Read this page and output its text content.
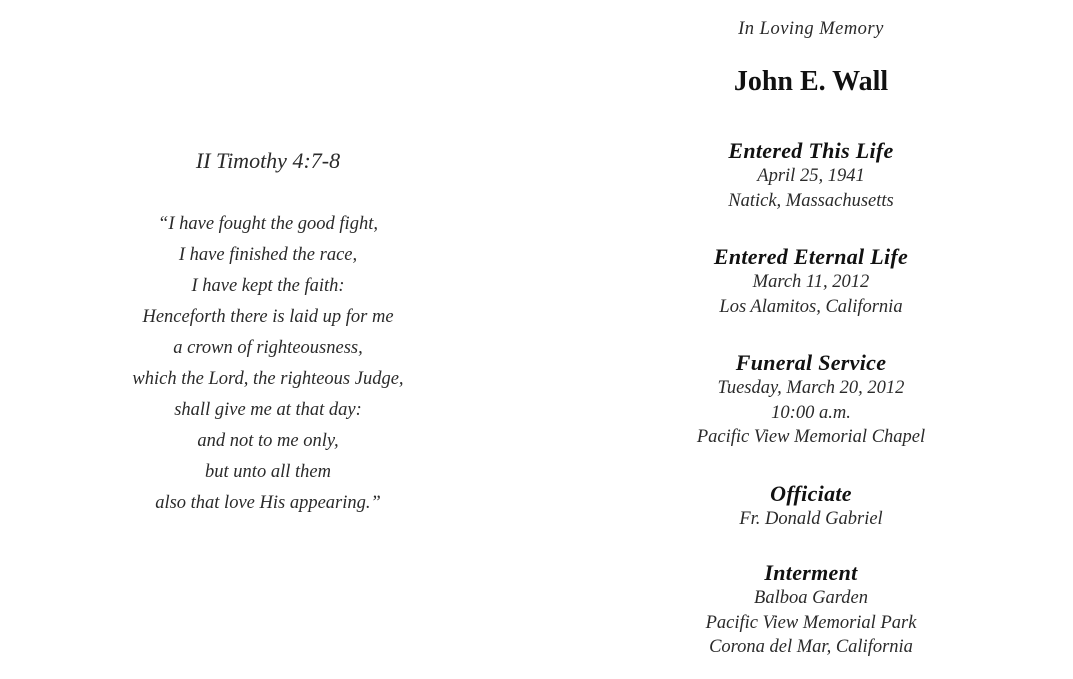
II Timothy 4:7-8
“I have fought the good fight,
I have finished the race,
I have kept the faith:
Henceforth there is laid up for me
a crown of righteousness,
which the Lord, the righteous Judge,
shall give me at that day:
and not to me only,
but unto all them
also that love His appearing.”
In Loving Memory
John E. Wall
Entered This Life
April 25, 1941
Natick, Massachusetts
Entered Eternal Life
March 11, 2012
Los Alamitos, California
Funeral Service
Tuesday, March 20, 2012
10:00 a.m.
Pacific View Memorial Chapel
Officiate
Fr. Donald Gabriel
Interment
Balboa Garden
Pacific View Memorial Park
Corona del Mar, California
